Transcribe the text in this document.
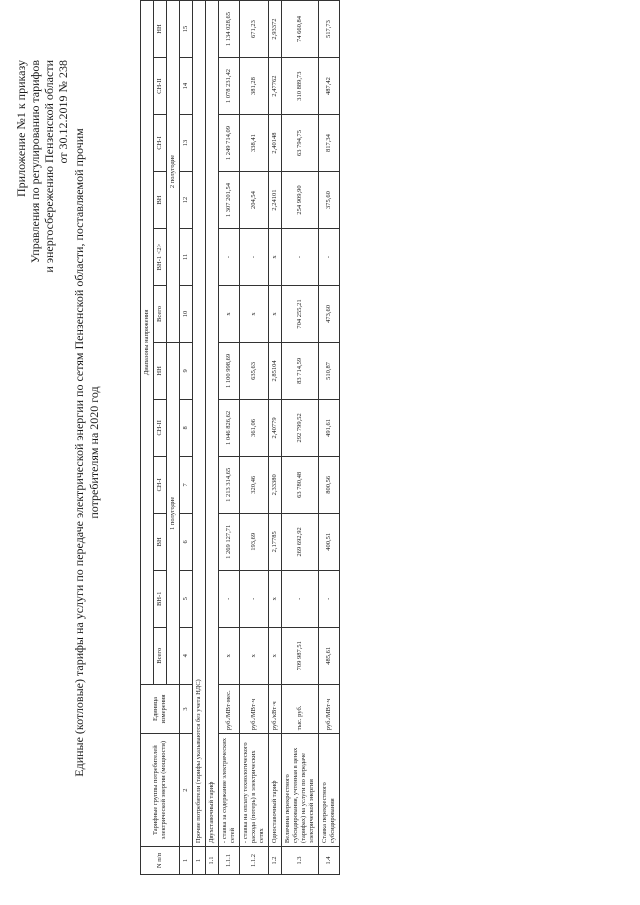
Приложение №1 к приказу Управления по регулированию тарифов и энергосбережению Пензенской области от 30.12.2019 № 238
Единые (котловые) тарифы на услуги по передаче электрической энергии по сетям Пензенской области, поставляемой прочим потребителям на 2020 год
N п/п	Тарифные группы потребителей электрической энергии (мощности)	Единица измерения	Диапазоны напряжения											
			Всего	ВН-1	ВН	СН-I	СН-II	НН	Всего	ВН-1 <2>	ВН	СН-I	СН-II	НН
			1 полугодие						2 полугодие					
1	2	3	4	5	6	7	8	9	10	11	12	13	14	15
1	Прочие потребители (тарифы указываются без учета НДС)													
1.1	Двухставочный тариф													
1.1.1	- ставка за содержание электрических сетей	руб./МВт·мес.	x	-	1 269 127,71	1 213 314,65	1 046 826,62	1 100 998,69	x	-	1 307 201,54	1 249 714,09	1 078 231,42	1 134 028,65
1.1.2	- ставка на оплату технологического расхода (потерь) в электрических сетях	руб./МВт·ч	x	-	193,69	320,46	361,06	635,63	x	-	204,54	338,41	381,28	671,23
1.2	Одноставочный тариф	руб./кВт·ч	x	x	2,17785	2,33380	2,40779	2,85104	x	x	2,24101	2,40148	2,47762	2,93372
1.3	Величина перекрестного субсидирования, учтенная в ценах (тарифах) на услуги по передаче электрической энергии	тыс. руб.	709 987,51	-	269 692,92	63 780,48	292 799,52	83 714,59	704 255,21	-	254 909,90	63 794,75	310 889,73	74 660,84
1.4	Ставка перекрестного субсидирования	руб./МВт·ч	485,61	-	400,51	800,56	491,61	510,87	473,60	-	375,60	817,34	487,42	517,73
